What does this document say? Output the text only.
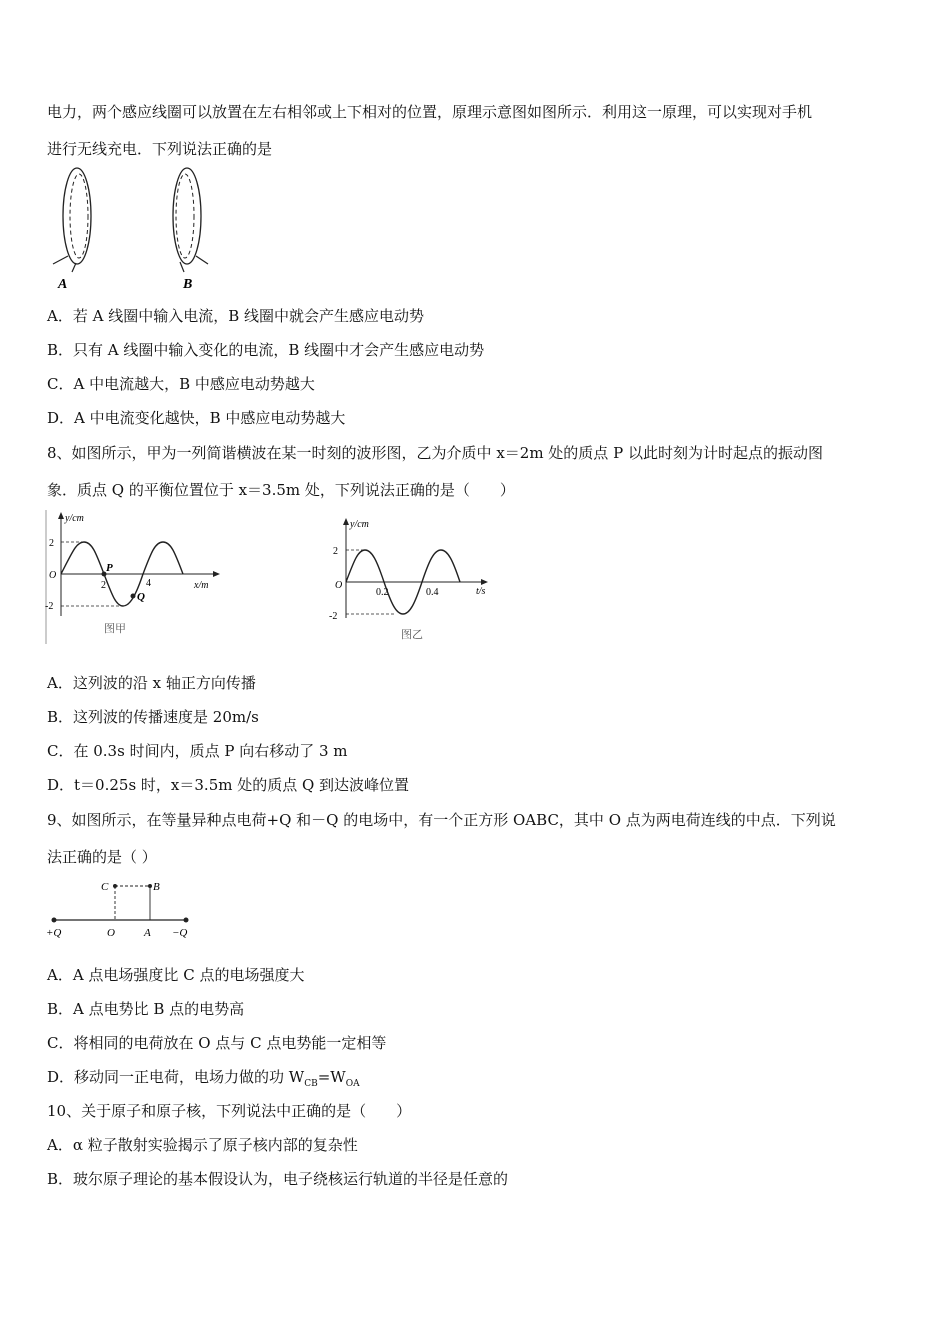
电力，两个感应线圈可以放置在左右相邻或上下相对的位置，原理示意图如图所示．利用这一原理，可以实现对手机
进行无线充电．下列说法正确的是
A	B
A．若 A 线圈中输入电流，B 线圈中就会产生感应电动势
B．只有 A 线圈中输入变化的电流，B 线圈中才会产生感应电动势
C．A 中电流越大，B 中感应电动势越大
D．A 中电流变化越快，B 中感应电动势越大
8、如图所示，甲为一列简谐横波在某一时刻的波形图，乙为介质中 x＝2m 处的质点 P 以此时刻为计时起点的振动图
象．质点 Q 的平衡位置位于 x＝3.5m 处，下列说法正确的是（　　）
y/cm
x/m
2
-2
O
P
Q
2	4
图甲
y/cm
t/s
2
-2
O
0.2	0.4
图乙
A．这列波的沿 x 轴正方向传播
B．这列波的传播速度是 20m/s
C．在 0.3s 时间内，质点 P 向右移动了 3 m
D．t＝0.25s 时，x＝3.5m 处的质点 Q 到达波峰位置
9、如图所示，在等量异种点电荷+Q 和－Q 的电场中，有一个正方形 OABC，其中 O 点为两电荷连线的中点．下列说
法正确的是（ ）
C	B
+Q	O	A −Q
A．A 点电场强度比 C 点的电场强度大
B．A 点电势比 B 点的电势高
C．将相同的电荷放在 O 点与 C 点电势能一定相等
D．移动同一正电荷，电场力做的功 $W_{CB}=W_{OA}$
10、关于原子和原子核，下列说法中正确的是（　　）
A．α 粒子散射实验揭示了原子核内部的复杂性
B．玻尔原子理论的基本假设认为，电子绕核运行轨道的半径是任意的
